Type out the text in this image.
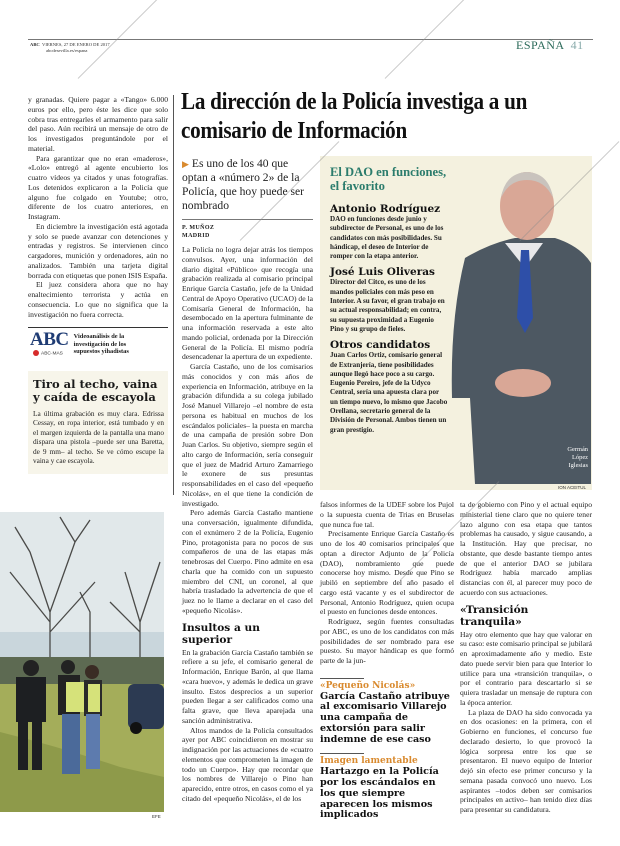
ABC VIERNES, 27 DE ENERO DE 2017
abcdesevilla.es/espana	ESPAÑA 41

y granadas. Quiere pagar a «Tango» 6.000 euros por ello, pero éste les dice que solo cobra tras entregarles el armamento para salir del paso. Aún recibirá un mensaje de otro de los investigados preguntándole por el material.

Para garantizar que no eran «maderos», «Lolo» entregó al agente encubierto los cuatro vídeos ya citados y unas fotografías. Los detenidos explicaron a la Policía que alguno fue colgado en Youtube; otro, diferente de los cuatro anteriores, en Instagram.

En diciembre la investigación está agotada y solo se puede avanzar con detenciones y entradas y registros. Se intervienen cinco cargadores, munición y ordenadores, aún no analizados. También una tarjeta digital borrada con etiquetas que ponen ISIS España.

El juez considera ahora que no hay enaltecimiento terrorista y actúa en consecuencia. Lo que no significa que la investigación no fuera correcta.

ABC
ABC·MAS
Videoanálisis de la investigación de los supuestos yihadistas
Tiro al techo, vaina y caída de escayola
La última grabación es muy clara. Edrissa Cessay, en ropa interior, está tumbado y en el margen izquierda de la pantalla una mano dispara una pistola –puede ser una Baretta, de 9 mm– al techo. Se ve cómo escupe la vaina y cae escayola.
EFE
La dirección de la Policía investiga a un comisario de Información
▶ Es uno de los 40 que optan a «número 2» de la Policía, que hoy puede ser nombrado
P. MUÑOZ
MADRID

La Policía no logra dejar atrás los tiempos convulsos. Ayer, una información del diario digital «Público» que recogía una grabación realizada al comisario principal Enrique García Castaño, jefe de la Unidad Central de Apoyo Operativo (UCAO) de la Comisaría General de Información, ha desembocado en la apertura fulminante de una información reservada a este alto mando policial, ordenada por la Dirección General de la Policía. El mismo podría desencadenar la apertura de un expediente.

García Castaño, uno de los comisarios más conocidos y con más años de experiencia en Información, atribuye en la grabación difundida a su colega jubilado José Manuel Villarejo –el nombre de esta persona es habitual en muchos de los escándalos policiales– la puesta en marcha de una campaña de presión sobre Don Juan Carlos. Su objetivo, siempre según el alto cargo de Información, sería conseguir que el juez de Madrid Arturo Zamarriego le exonere de sus presuntas responsabilidades en el caso del «pequeño Nicolás», en el que tiene la condición de investigado.

Pero además García Castaño mantiene una conversación, igualmente difundida, con el exnúmero 2 de la Policía, Eugenio Pino, protagonista para no pocos de sus compañeros de una de las etapas más tenebrosas del Cuerpo. Pino admite en esa charla que ha comido con un supuesto miembro del CNI, un coronel, al que habría trasladado la advertencia de que el juez no le llame a declarar en el caso del «pequeño Nicolás».

Insultos a un superior

En la grabación García Castaño también se refiere a su jefe, el comisario general de Información, Enrique Barón, al que llama «cara huevo», y además le dedica un grave insulto. Estos desprecios a un superior pueden llegar a ser calificados como una falta grave, que lleva aparejada una sanción administrativa.

Altos mandos de la Policía consultados ayer por ABC coincidieron en mostrar su indignación por las actuaciones de «cuatro elementos que comprometen la imagen de todo un Cuerpo». Hay que recordar que los nombres de Villarejo o Pino han aparecido, entre otros, en casos como el ya citado del «pequeño Nicolás», el de los

El DAO en funciones, el favorito
Antonio Rodríguez
DAO en funciones desde junio y subdirector de Personal, es uno de los candidatos con más posibilidades. Su hándicap, el deseo de Interior de romper con la etapa anterior.
José Luis Oliveras
Director del Citco, es uno de los mandos policiales con más peso en Interior. A su favor, el gran trabajo en su actual responsabilidad; en contra, su supuesta proximidad a Eugenio Pino y su grupo de fieles.
Otros candidatos
Juan Carlos Ortiz, comisario general de Extranjería, tiene posibilidades aunque llegó hace poco a su cargo. Eugenio Pereiro, jefe de la Udyco Central, sería una apuesta clara por un tiempo nuevo, lo mismo que Jacobo Orellana, secretario general de la División de Personal. Ambos tienen un gran prestigio.
Germán López Iglesias
ION ACEITUL

falsos informes de la UDEF sobre los Pujol o la supuesta cuenta de Trias en Bruselas que nunca fue tal.

Precisamente Enrique García Castaño es uno de los 40 comisarios principales que optan a director Adjunto de la Policía (DAO), nombramiento que puede conocerse hoy mismo. Desde que Pino se jubiló en septiembre del año pasado el cargo está vacante y es el subdirector de Personal, Antonio Rodríguez, quien ocupa el puesto en funciones desde entonces.

Rodríguez, según fuentes consultadas por ABC, es uno de los candidatos con más posibilidades de ser nombrado para ese puesto. Su mayor hándicap es que formó parte de la jun-

«Pequeño Nicolás»
García Castaño atribuye al excomisario Villarejo una campaña de extorsión para salir indemne de ese caso
Imagen lamentable
Hartazgo en la Policía por los escándalos en los que siempre aparecen los mismos implicados

ta de gobierno con Pino y el actual equipo ministerial tiene claro que no quiere tener lazo alguno con esa etapa que tantos problemas ha causado, y sigue causando, a la Institución. Hay que precisar, no obstante, que desde bastante tiempo antes de que el anterior DAO se jubilara Rodríguez había marcado amplias distancias con él, al parecer muy poco de acuerdo con sus actuaciones.

«Transición tranquila»

Hay otro elemento que hay que valorar en su caso: este comisario principal se jubilará en aproximadamente año y medio. Este dato puede servir bien para que Interior lo utilice para una «transición tranquila», o por el contrario para descartarlo si se quiera trasladar un mensaje de ruptura con la época anterior.

La plaza de DAO ha sido convocada ya en dos ocasiones: en la primera, con el Gobierno en funciones, el concurso fue declarado desierto, lo que provocó la lógica sorpresa entre los que se presentaron. El nuevo equipo de Interior dejó sin efecto ese primer concurso y la semana pasada convocó uno nuevo. Los aspirantes –todos deben ser comisarios principales en activo– han tenido diez días para presentar su candidatura.
